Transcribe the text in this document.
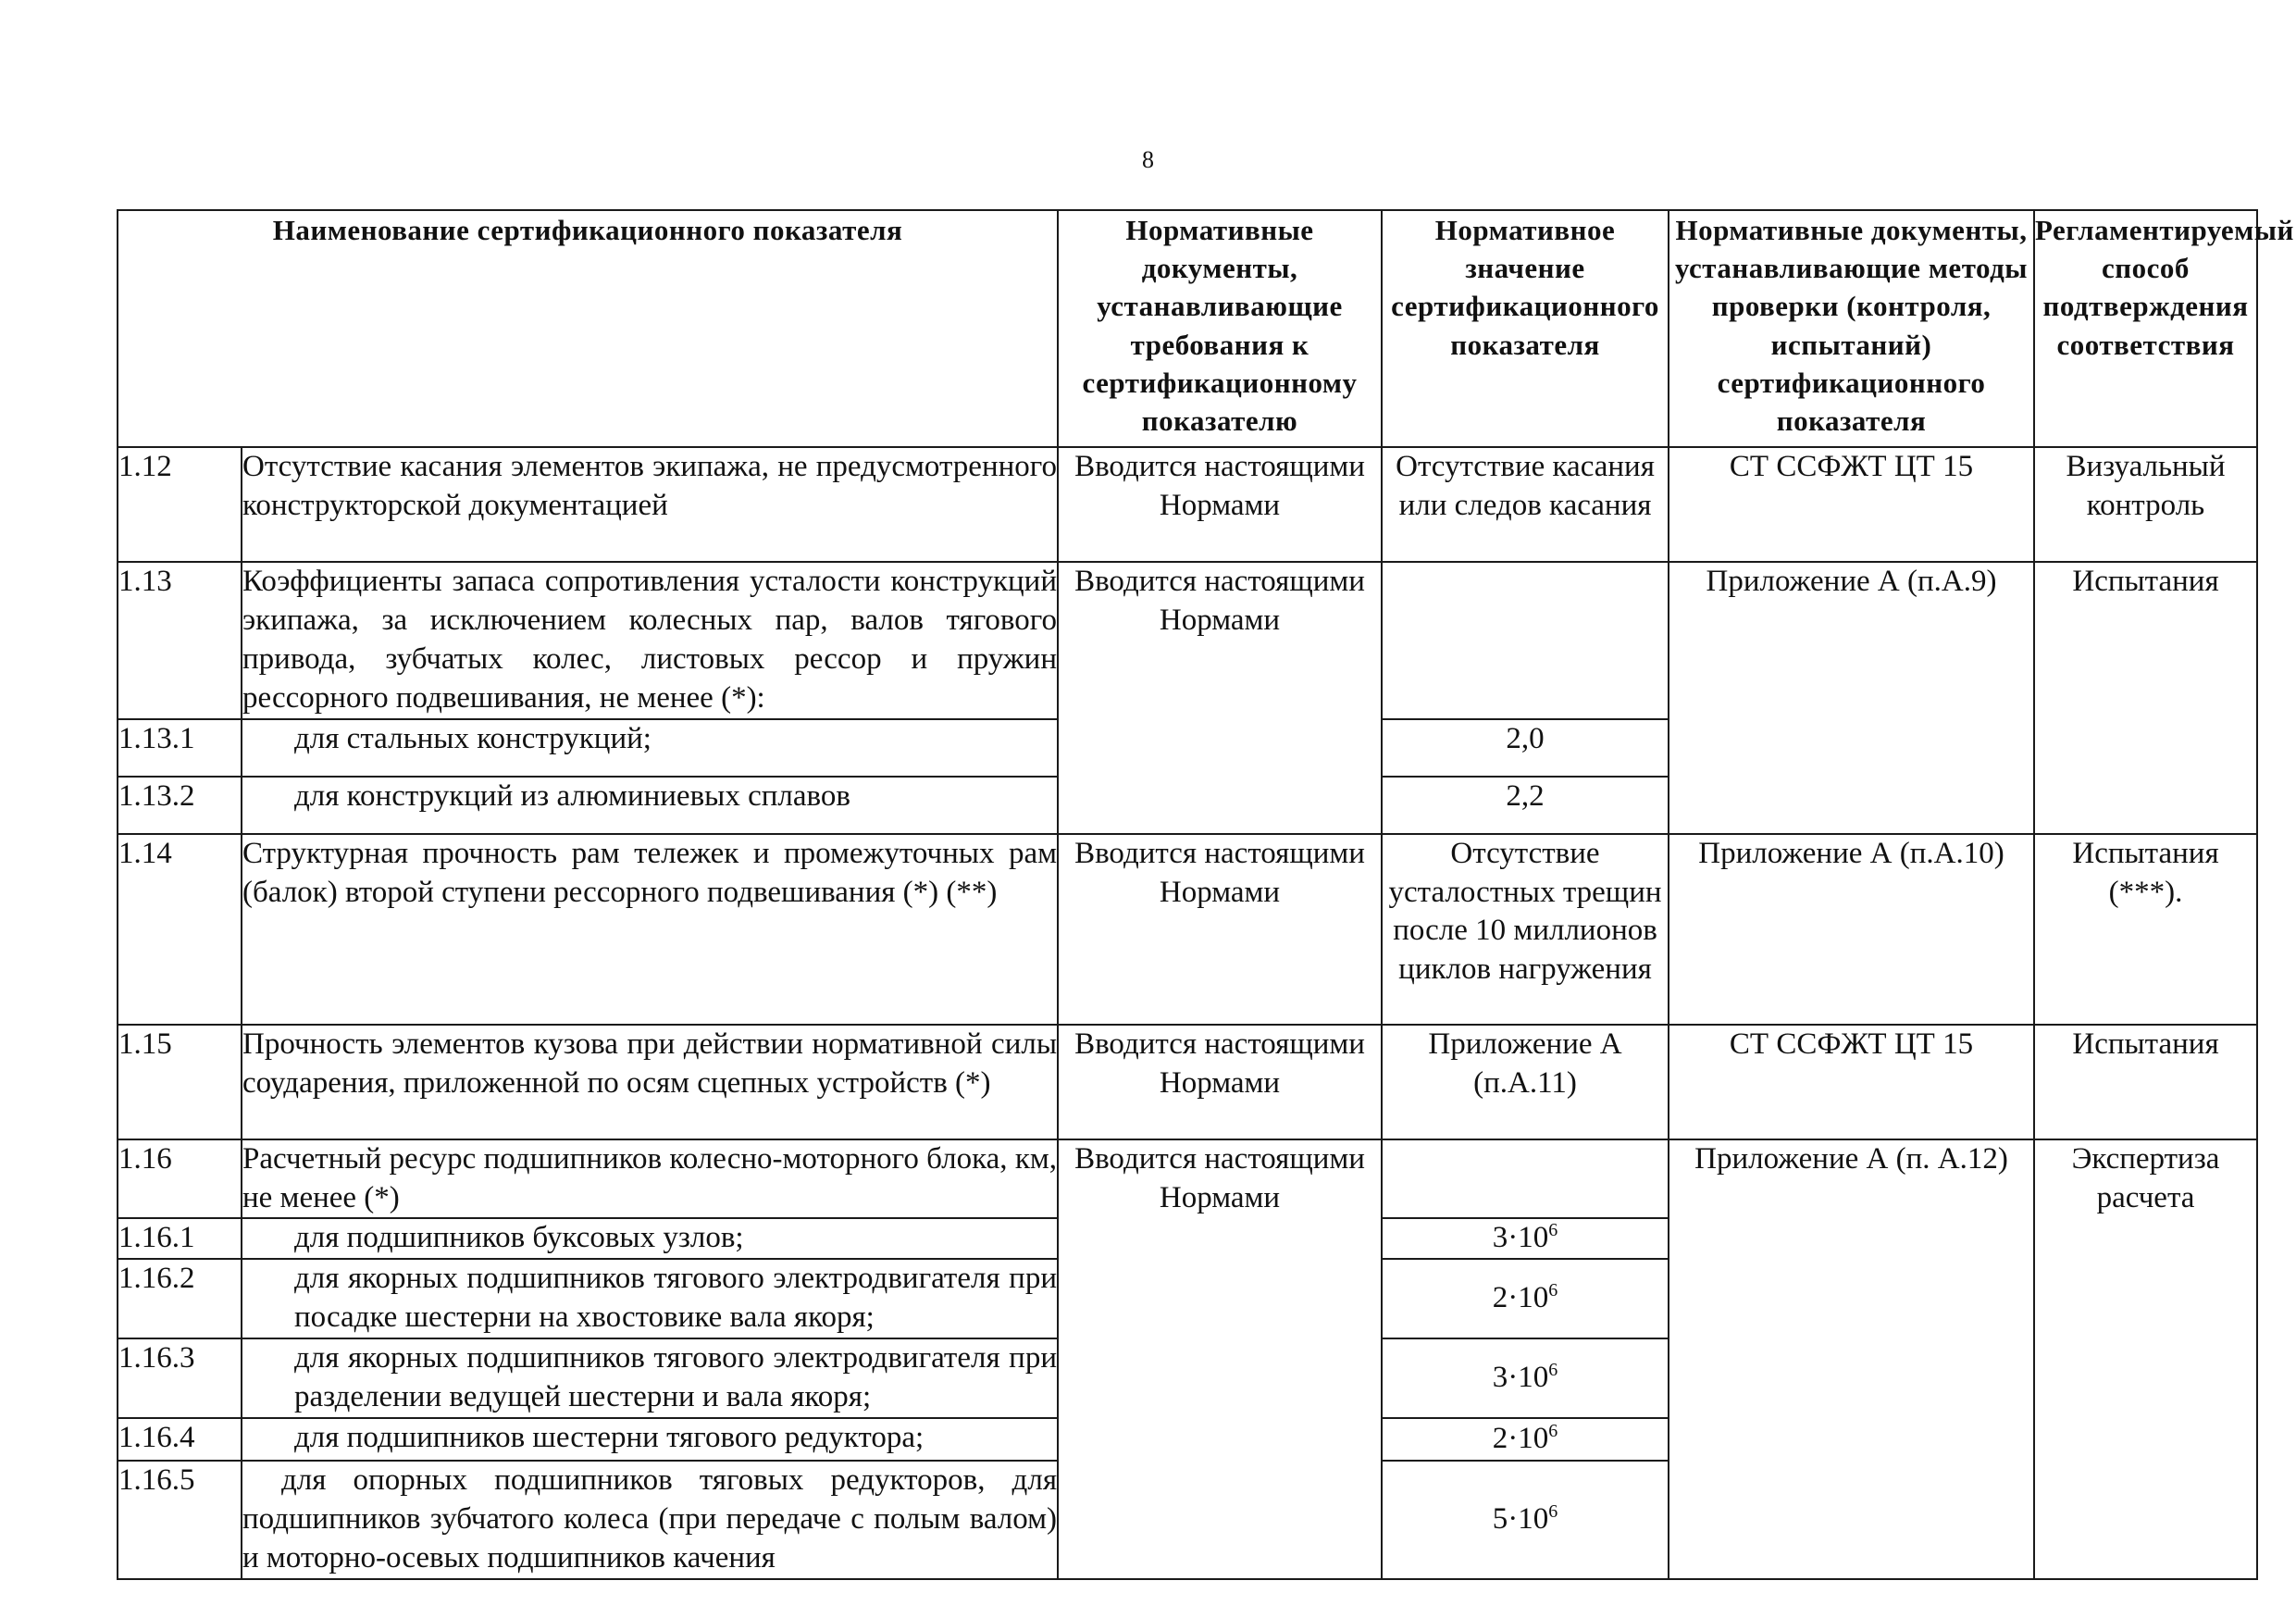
8
Наименование сертификационного показателя		Нормативные документы, устанавливающие требования к сертификационному показателю	Нормативное значение сертификационного показателя	Нормативные документы, устанавливающие методы проверки (контроля, испытаний) сертификационного показателя	Регламентируемый способ подтверждения соответствия
1.12	Отсутствие касания элементов экипажа, не предусмотренного конструкторской документацией	Вводится настоящими Нормами	Отсутствие касания или следов касания	СТ ССФЖТ ЦТ 15	Визуальный контроль
1.13	Коэффициенты запаса сопротивления усталости конструкций экипажа, за исключением колесных пар, валов тягового привода, зубчатых колес, листовых рессор и пружин рессорного подвешивания, не менее (*):	Вводится настоящими Нормами		Приложение А (п.А.9)	Испытания
1.13.1	для стальных конструкций;		2,0		
1.13.2	для конструкций из алюминиевых сплавов		2,2		
1.14	Структурная прочность рам тележек и промежуточных рам (балок) второй ступени рессорного подвешивания (*) (**)	Вводится настоящими Нормами	Отсутствие усталостных трещин после 10 миллионов циклов нагружения	Приложение А (п.А.10)	Испытания (***).
1.15	Прочность элементов кузова при действии нормативной силы соударения, приложенной по осям сцепных устройств (*)	Вводится настоящими Нормами	Приложение А (п.А.11)	СТ ССФЖТ ЦТ 15	Испытания
1.16	Расчетный ресурс подшипников колесно-моторного блока, км, не менее (*)	Вводится настоящими Нормами		Приложение А (п. А.12)	Экспертиза расчета
1.16.1	для подшипников буксовых узлов;		$3\cdot 10^6$
1.16.2	для якорных подшипников тягового электродвигателя при посадке шестерни на хвостовике вала якоря;		$2\cdot 10^6$
1.16.3	для якорных подшипников тягового электродвигателя при разделении ведущей шестерни и вала якоря;		$3\cdot 10^6$
1.16.4	для подшипников шестерни тягового редуктора;		$2\cdot 10^6$
1.16.5	для опорных подшипников тяговых редукторов, для подшипников зубчатого колеса (при передаче с полым валом) и моторно-осевых подшипников качения		$5\cdot 10^6$
